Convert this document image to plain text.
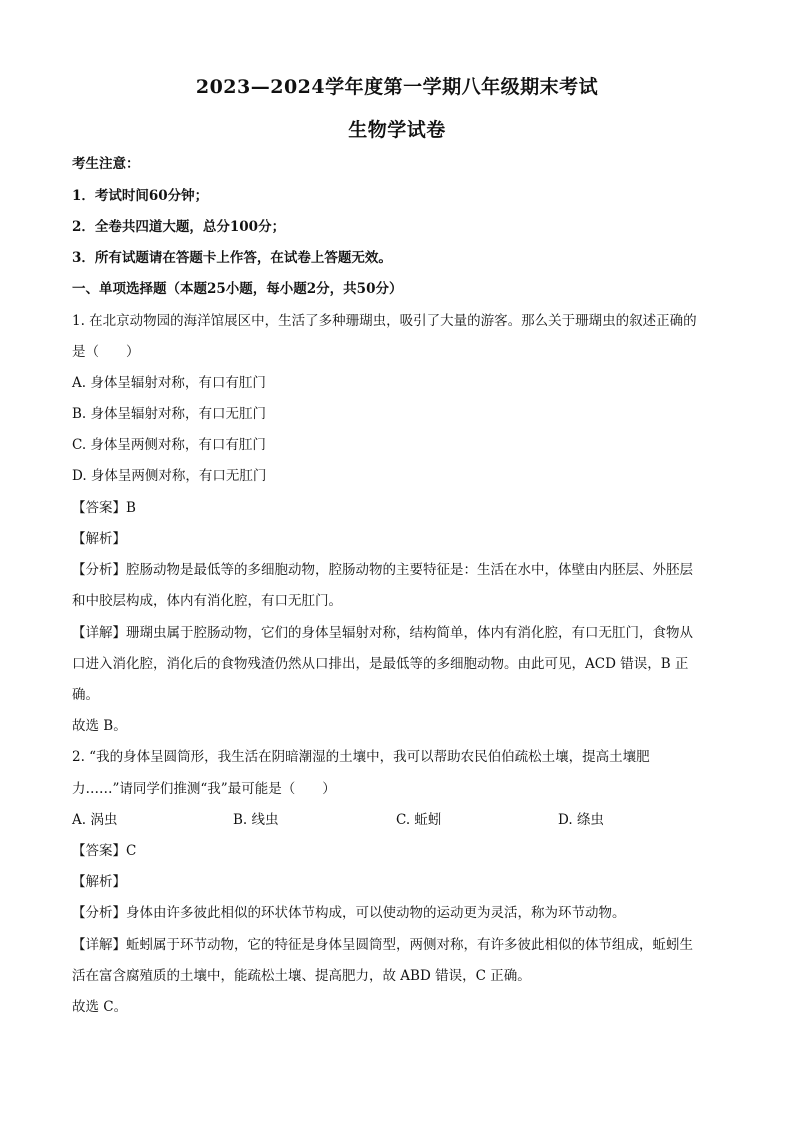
2023—2024学年度第一学期八年级期末考试
生物学试卷
考生注意：
1．考试时间60分钟；
2．全卷共四道大题，总分100分；
3．所有试题请在答题卡上作答，在试卷上答题无效。
一、单项选择题（本题25小题，每小题2分，共50分）
1. 在北京动物园的海洋馆展区中，生活了多种珊瑚虫，吸引了大量的游客。那么关于珊瑚虫的叙述正确的
是（　　）
A. 身体呈辐射对称，有口有肛门
B. 身体呈辐射对称，有口无肛门
C. 身体呈两侧对称，有口有肛门
D. 身体呈两侧对称，有口无肛门
【答案】B
【解析】
【分析】腔肠动物是最低等的多细胞动物，腔肠动物的主要特征是：生活在水中，体壁由内胚层、外胚层
和中胶层构成，体内有消化腔，有口无肛门。
【详解】珊瑚虫属于腔肠动物，它们的身体呈辐射对称，结构简单，体内有消化腔，有口无肛门，食物从
口进入消化腔，消化后的食物残渣仍然从口排出，是最低等的多细胞动物。由此可见，ACD 错误，B 正
确。
故选 B。
2. “我的身体呈圆筒形，我生活在阴暗潮湿的土壤中，我可以帮助农民伯伯疏松土壤，提高土壤肥
力……”请同学们推测“我”最可能是（　　）
A. 涡虫	B. 线虫	C. 蚯蚓	D. 绦虫
【答案】C
【解析】
【分析】身体由许多彼此相似的环状体节构成，可以使动物的运动更为灵活，称为环节动物。
【详解】蚯蚓属于环节动物，它的特征是身体呈圆筒型，两侧对称，有许多彼此相似的体节组成，蚯蚓生
活在富含腐殖质的土壤中，能疏松土壤、提高肥力，故 ABD 错误，C 正确。
故选 C。
